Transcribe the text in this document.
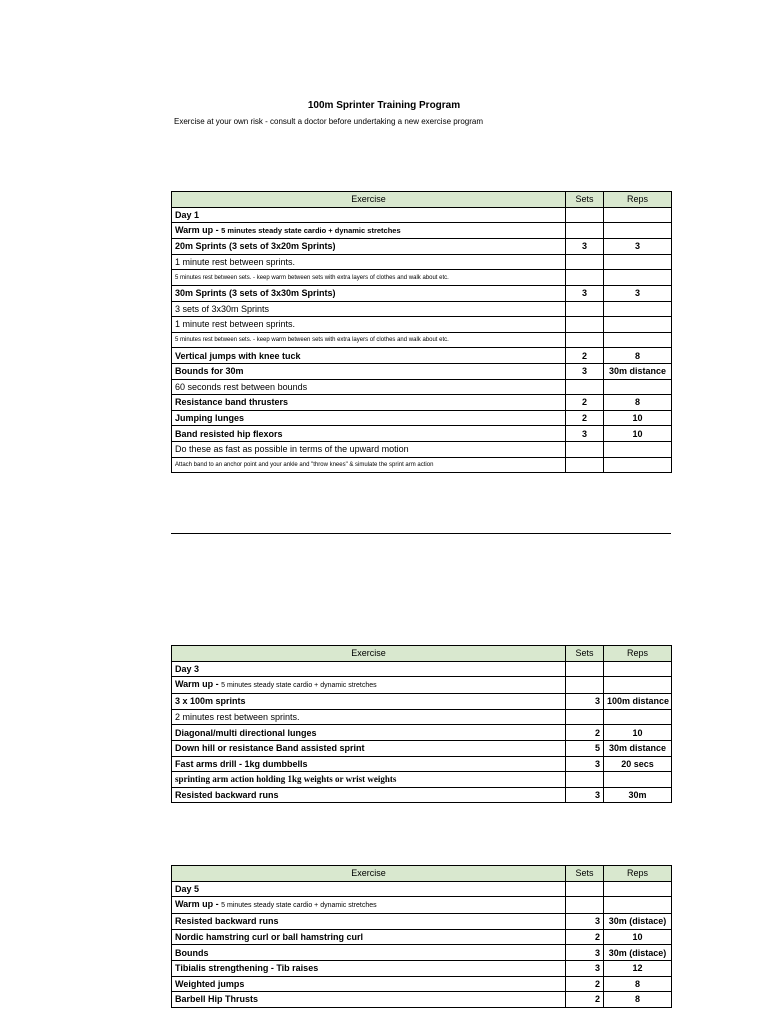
100m Sprinter Training Program
Exercise at your own risk - consult a doctor before undertaking a new exercise program
Exercise	Sets	Reps
Day 1		
Warm up - 5 minutes steady state cardio + dynamic stretches		
20m Sprints (3 sets of 3x20m Sprints)	3	3
1 minute rest between sprints.		
5 minutes rest between sets. - keep warm between sets with extra layers of clothes and walk about etc.		
30m Sprints (3 sets of 3x30m Sprints)	3	3
3 sets of 3x30m Sprints		
1 minute rest between sprints.		
5 minutes rest between sets. - keep warm between sets with extra layers of clothes and walk about etc.		
Vertical jumps with knee tuck	2	8
Bounds for 30m	3	30m distance
60 seconds rest between bounds		
Resistance band thrusters	2	8
Jumping lunges	2	10
Band resisted hip flexors	3	10
Do these as fast as possible in terms of the upward motion		
Attach band to an anchor point and your ankle and "throw knees" & simulate the sprint arm action		
Exercise	Sets	Reps
Day 3		
Warm up - 5 minutes steady state cardio + dynamic stretches		
3 x 100m sprints	3	100m distance
2 minutes rest between sprints.		
Diagonal/multi directional lunges	2	10
Down hill or resistance Band assisted sprint	5	30m distance
Fast arms drill - 1kg dumbbells	3	20 secs
sprinting arm action holding 1kg weights or wrist weights		
Resisted backward runs	3	30m
Exercise	Sets	Reps
Day 5		
Warm up - 5 minutes steady state cardio + dynamic stretches		
Resisted backward runs	3	30m (distace)
Nordic hamstring curl or ball hamstring curl	2	10
Bounds	3	30m (distace)
Tibialis strengthening - Tib raises	3	12
Weighted jumps	2	8
Barbell Hip Thrusts	2	8
